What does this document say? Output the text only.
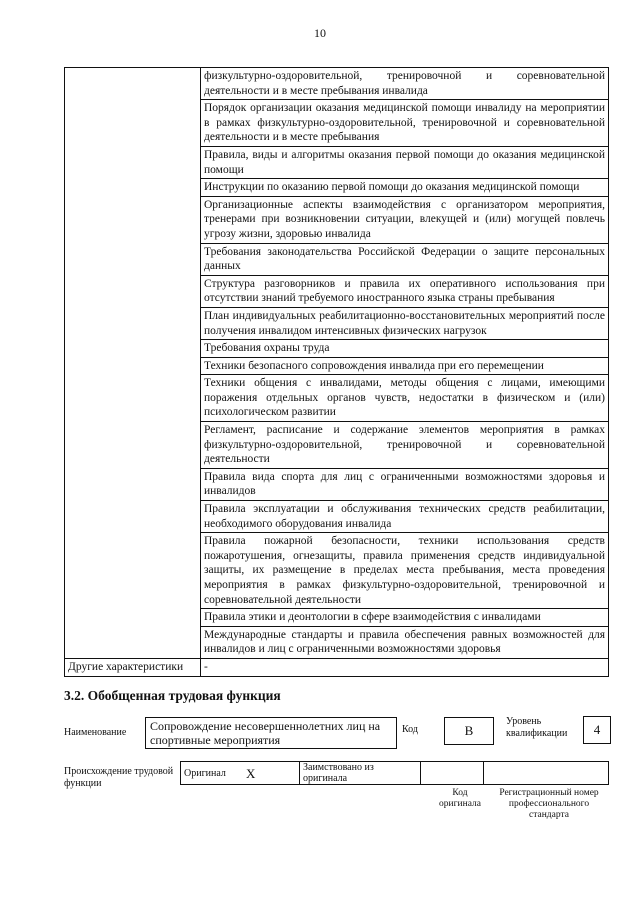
10
	физкультурно-оздоровительной, тренировочной и соревновательной деятельности и в месте пребывания инвалида
	Порядок организации оказания медицинской помощи инвалиду на мероприятии в рамках физкультурно-оздоровительной, тренировочной и соревновательной деятельности и в месте пребывания
	Правила, виды и алгоритмы оказания первой помощи до оказания медицинской помощи
	Инструкции по оказанию первой помощи до оказания медицинской помощи
	Организационные аспекты взаимодействия с организатором мероприятия, тренерами при возникновении ситуации, влекущей и (или) могущей повлечь угрозу жизни, здоровью инвалида
	Требования законодательства Российской Федерации о защите персональных данных
	Структура разговорников и правила их оперативного использования при отсутствии знаний требуемого иностранного языка страны пребывания
	План индивидуальных реабилитационно-восстановительных мероприятий после получения инвалидом интенсивных физических нагрузок
	Требования охраны труда
	Техники безопасного сопровождения инвалида при его перемещении
	Техники общения с инвалидами, методы общения с лицами, имеющими поражения отдельных органов чувств, недостатки в физическом и (или) психологическом развитии
	Регламент, расписание и содержание элементов мероприятия в рамках физкультурно-оздоровительной, тренировочной и соревновательной деятельности
	Правила вида спорта для лиц с ограниченными возможностями здоровья и инвалидов
	Правила эксплуатации и обслуживания технических средств реабилитации, необходимого оборудования инвалида
	Правила пожарной безопасности, техники использования средств пожаротушения, огнезащиты, правила применения средств индивидуальной защиты, их размещение в пределах места пребывания, места проведения мероприятия в рамках физкультурно-оздоровительной, тренировочной и соревновательной деятельности
	Правила этики и деонтологии в сфере взаимодействия с инвалидами
	Международные стандарты и правила обеспечения равных возможностей для инвалидов и лиц с ограниченными возможностями здоровья
Другие характеристики	-
3.2. Обобщенная трудовая функция
Наименование	Сопровождение несовершеннолетних лиц на спортивные мероприятия
Код	B
Уровень квалификации	4
Происхождение трудовой функции
Оригинал	X	Заимствовано из оригинала		
Код оригинала
Регистрационный номер профессионального стандарта
